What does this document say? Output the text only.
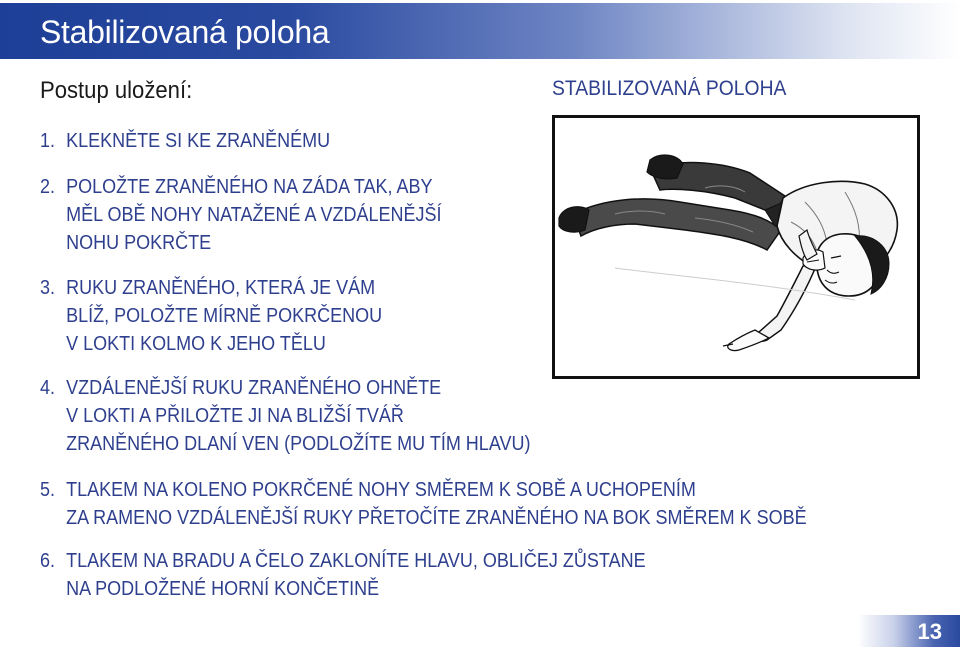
Stabilizovaná poloha
Postup uložení:	STABILIZOVANÁ POLOHA
1. KLEKNĚTE SI KE ZRANĚNÉMU
2. POLOŽTE ZRANĚNÉHO NA ZÁDA TAK, ABY
MĚL OBĚ NOHY NATAŽENÉ A VZDÁLENĚJŠÍ
NOHU POKRČTE
3. RUKU ZRANĚNÉHO, KTERÁ JE VÁM
BLÍŽ, POLOŽTE MÍRNĚ POKRČENOU
V LOKTI KOLMO K JEHO TĚLU
4. VZDÁLENĚJŠÍ RUKU ZRANĚNÉHO OHNĚTE
V LOKTI A PŘILOŽTE JI NA BLIŽŠÍ TVÁŘ
ZRANĚNÉHO DLANÍ VEN (PODLOŽÍTE MU TÍM HLAVU)
5. TLAKEM NA KOLENO POKRČENÉ NOHY SMĚREM K SOBĚ A UCHOPENÍM
ZA RAMENO VZDÁLENĚJŠÍ RUKY PŘETOČÍTE ZRANĚNÉHO NA BOK SMĚREM K SOBĚ
6. TLAKEM NA BRADU A ČELO ZAKLONÍTE HLAVU, OBLIČEJ ZŮSTANE
NA PODLOŽENÉ HORNÍ KONČETINĚ
13
